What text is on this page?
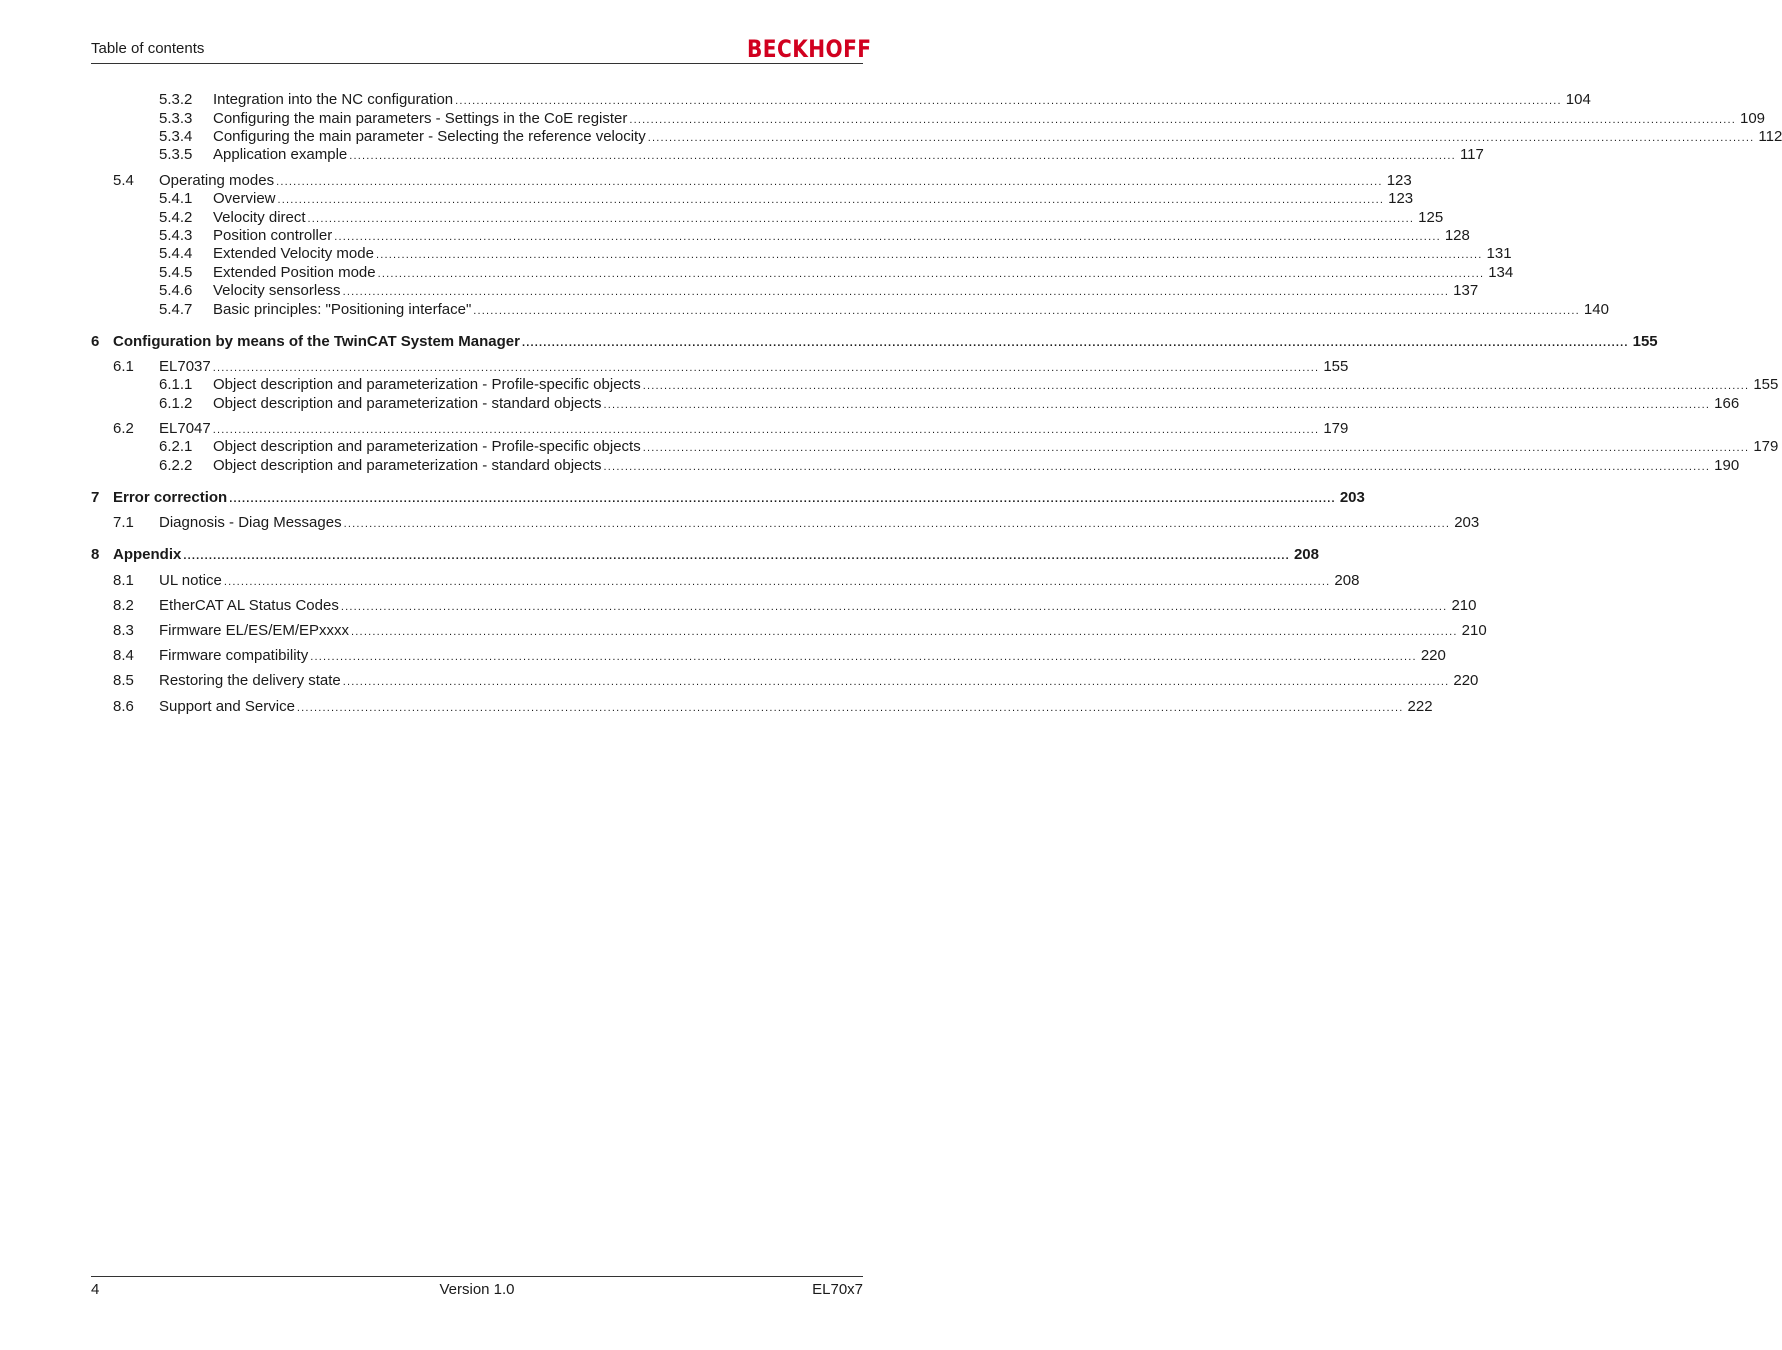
Table of contents	BECKHOFF
5.3.2 Integration into the NC configuration .................................................................................................................................................................................................................................................................... 104
5.3.3 Configuring the main parameters - Settings in the CoE register .................................................................................................................................................................................................................................................................... 109
5.3.4 Configuring the main parameter - Selecting the reference velocity .................................................................................................................................................................................................................................................................... 112
5.3.5 Application example .................................................................................................................................................................................................................................................................... 117
5.4 Operating modes .................................................................................................................................................................................................................................................................... 123
5.4.1 Overview .................................................................................................................................................................................................................................................................... 123
5.4.2 Velocity direct .................................................................................................................................................................................................................................................................... 125
5.4.3 Position controller .................................................................................................................................................................................................................................................................... 128
5.4.4 Extended Velocity mode .................................................................................................................................................................................................................................................................... 131
5.4.5 Extended Position mode .................................................................................................................................................................................................................................................................... 134
5.4.6 Velocity sensorless .................................................................................................................................................................................................................................................................... 137
5.4.7 Basic principles: "Positioning interface" .................................................................................................................................................................................................................................................................... 140
6 Configuration by means of the TwinCAT System Manager .................................................................................................................................................................................................................................................................... 155
6.1 EL7037 .................................................................................................................................................................................................................................................................... 155
6.1.1 Object description and parameterization - Profile-specific objects .................................................................................................................................................................................................................................................................... 155
6.1.2 Object description and parameterization - standard objects .................................................................................................................................................................................................................................................................... 166
6.2 EL7047 .................................................................................................................................................................................................................................................................... 179
6.2.1 Object description and parameterization - Profile-specific objects .................................................................................................................................................................................................................................................................... 179
6.2.2 Object description and parameterization - standard objects .................................................................................................................................................................................................................................................................... 190
7 Error correction .................................................................................................................................................................................................................................................................... 203
7.1 Diagnosis - Diag Messages .................................................................................................................................................................................................................................................................... 203
8 Appendix .................................................................................................................................................................................................................................................................... 208
8.1 UL notice .................................................................................................................................................................................................................................................................... 208
8.2 EtherCAT AL Status Codes .................................................................................................................................................................................................................................................................... 210
8.3 Firmware EL/ES/EM/EPxxxx .................................................................................................................................................................................................................................................................... 210
8.4 Firmware compatibility .................................................................................................................................................................................................................................................................... 220
8.5 Restoring the delivery state .................................................................................................................................................................................................................................................................... 220
8.6 Support and Service .................................................................................................................................................................................................................................................................... 222
4	Version 1.0	EL70x7
